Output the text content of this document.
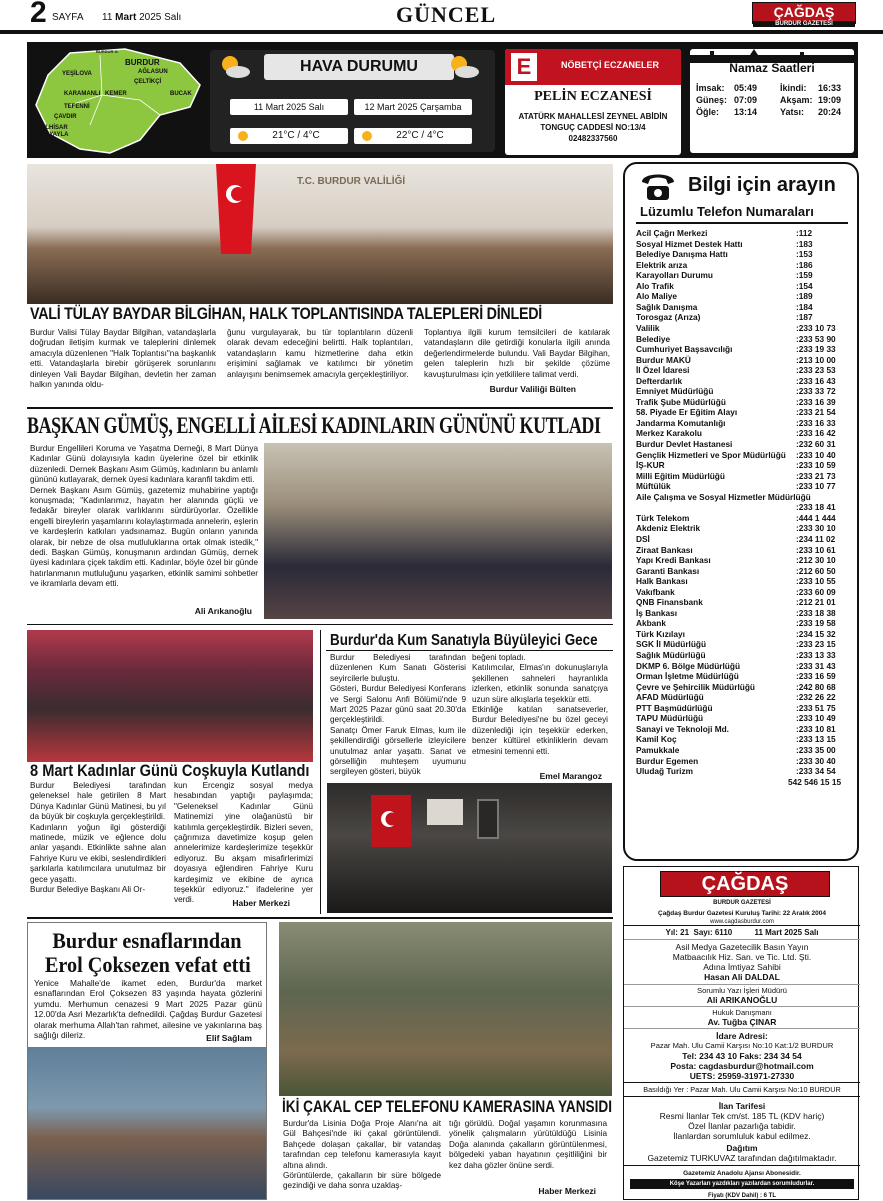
2 SAYFA 11 Mart 2025 Salı	GÜNCEL	ÇAĞDAŞ
BURDUR GAZETESİ
BURDUR
AĞLASUN
YEŞİLOVA
ÇELTİKÇİ
KARAMANLI KEMER	BUCAK
TEFENNİ
ÇAVDIR
GÖLHİSAR
ALTINYAYLA
BURDUR G.
HAVA DURUMU
11 Mart 2025 Salı	12 Mart 2025 Çarşamba
21°C / 4°C	22°C / 4°C
E	NÖBETÇİ ECZANELER
PELİN ECZANESİ
ATATÜRK MAHALLESİ ZEYNEL ABİDİN
TONGUÇ CADDESİ NO:13/4
02482337560
Namaz Saatleri
İmsak: 05:49	İkindi: 16:33
Güneş: 07:09	Akşam: 19:09
Öğle: 13:14	Yatsı: 20:24
T.C. BURDUR VALİLİĞİ
VALİ TÜLAY BAYDAR BİLGİHAN, HALK TOPLANTISINDA TALEPLERİ DİNLEDİ
Burdur Valisi Tülay Baydar Bilgihan, vatandaşlarla doğrudan iletişim kurmak ve taleplerini dinlemek amacıyla düzenlenen "Halk Toplantısı"na başkanlık etti. Vatandaşlarla birebir görüşerek sorunlarını dinleyen Vali Baydar Bilgihan, devletin her zaman halkın yanında oldu-
ğunu vurgulayarak, bu tür toplantıların düzenli olarak devam edeceğini belirtti. Halk toplantıları, vatandaşların kamu hizmetlerine daha etkin erişimini sağlamak ve katılımcı bir yönetim anlayışını benimsemek amacıyla gerçekleştiriliyor.
Toplantıya ilgili kurum temsilcileri de katılarak vatandaşların dile getirdiği konularla ilgili anında değerlendirmelerde bulundu. Vali Baydar Bilgihan, gelen taleplerin hızlı bir şekilde çözüme kavuşturulması için yetkililere talimat verdi.
Burdur Valiliği Bülten
BAŞKAN GÜMÜŞ, ENGELLİ AİLESİ KADINLARIN GÜNÜNÜ KUTLADI
Burdur Engellileri Koruma ve Yaşatma Derneği, 8 Mart Dünya Kadınlar Günü dolayısıyla kadın üyelerine özel bir etkinlik düzenledi. Dernek Başkanı Asım Gümüş, kadınların bu anlamlı gününü kutlayarak, dernek üyesi kadınlara karanfil takdim etti.
Dernek Başkanı Asım Gümüş, gazetemiz muhabirine yaptığı konuşmada; "Kadınlarımız, hayatın her alanında güçlü ve fedakâr bireyler olarak varlıklarını sürdürüyorlar. Özellikle engelli bireylerin yaşamlarını kolaylaştırmada annelerin, eşlerin ve kardeşlerin katkıları yadsınamaz. Bugün onların yanında olarak, bir nebze de olsa mutluluklarına ortak olmak istedik," dedi. Başkan Gümüş, konuşmanın ardından Gümüş, dernek üyesi kadınlara çiçek takdim etti. Kadınlar, böyle özel bir günde hatırlanmanın mutluluğunu yaşarken, etkinlik samimi sohbetler ve ikramlarla devam etti.
Ali Arıkanoğlu
8 Mart Kadınlar Günü Coşkuyla Kutlandı
Burdur Belediyesi tarafından geleneksel hale getirilen 8 Mart Dünya Kadınlar Günü Matinesi, bu yıl da büyük bir coşkuyla gerçekleştirildi.
Kadınların yoğun ilgi gösterdiği matinede, müzik ve eğlence dolu anlar yaşandı. Etkinlikte sahne alan Fahriye Kuru ve ekibi, seslendirdikleri şarkılarla katılımcılara unutulmaz bir gece yaşattı.
Burdur Belediye Başkanı Ali Or-
kun Ercengiz sosyal medya hesabından yaptığı paylaşımda; "Geleneksel Kadınlar Günü Matinemizi yine olağanüstü bir katılımla gerçekleştirdik. Bizleri seven, çağrımıza davetimize koşup gelen annelerimize kardeşlerimize teşekkür ediyoruz. Bu akşam misafirlerimizi doyasıya eğlendiren Fahriye Kuru kardeşimiz ve ekibine de ayrıca teşekkür ediyoruz." ifadelerine yer verdi.	Haber Merkezi
Burdur'da Kum Sanatıyla Büyüleyici Gece
Burdur Belediyesi tarafından düzenlenen Kum Sanatı Gösterisi seyircilerle buluştu.
Gösteri, Burdur Belediyesi Konferans ve Sergi Salonu Anfi Bölümü'nde 9 Mart 2025 Pazar günü saat 20.30'da gerçekleştirildi.
Sanatçı Ömer Faruk Elmas, kum ile şekillendirdiği görsellerle izleyicilere unutulmaz anlar yaşattı. Sanat ve görselliğin muhteşem uyumunu sergileyen gösteri, büyük
beğeni topladı.
Katılımcılar, Elmas'ın dokunuşlarıyla şekillenen sahneleri hayranlıkla izlerken, etkinlik sonunda sanatçıya uzun süre alkışlarla teşekkür etti.
Etkinliğe katılan sanatseverler, Burdur Belediyesi'ne bu özel geceyi düzenlediği için teşekkür ederken, benzer kültürel etkinliklerin devam etmesini temenni etti.
Emel Marangoz
Burdur esnaflarından
Erol Çoksezen vefat etti
Yenice Mahalle'de ikamet eden, Burdur'da market esnaflarından Erol Çoksezen 83 yaşında hayata gözlerini yumdu. Merhumun cenazesi 9 Mart 2025 Pazar günü 12.00'da Asri Mezarlık'ta defnedildi. Çağdaş Burdur Gazetesi olarak merhuma Allah'tan rahmet, ailesine ve yakınlarına baş sağlığı dileriz.	Elif Sağlam
İKİ ÇAKAL CEP TELEFONU KAMERASINA YANSIDI
Burdur'da Lisinia Doğa Proje Alanı'na ait Gül Bahçesi'nde iki çakal görüntülendi. Bahçede dolaşan çakallar, bir vatandaş tarafından cep telefonu kamerasıyla kayıt altına alındı.
Görüntülerde, çakalların bir süre bölgede gezindiği ve daha sonra uzaklaş-
tığı görüldü. Doğal yaşamın korunmasına yönelik çalışmaların yürütüldüğü Lisinia Doğa alanında çakalların görüntülenmesi, bölgedeki yaban hayatının çeşitliliğini bir kez daha gözler önüne serdi.
Haber Merkezi
Bilgi için arayın
Lüzumlu Telefon Numaraları
Acil Çağrı Merkezi	:112
Sosyal Hizmet Destek Hattı	:183
Belediye Danışma Hattı	:153
Elektrik arıza	:186
Karayolları Durumu	:159
Alo Trafik	:154
Alo Maliye	:189
Sağlık Danışma	:184
Torosgaz (Arıza)	:187
Valilik	:233 10 73
Belediye	:233 53 90
Cumhuriyet Başsavcılığı	:233 19 33
Burdur MAKÜ	:213 10 00
İl Özel İdaresi	:233 23 53
Defterdarlık	:233 16 43
Emniyet Müdürlüğü	:233 33 72
Trafik Şube Müdürlüğü	:233 16 39
58. Piyade Er Eğitim Alayı	:233 21 54
Jandarma Komutanlığı	:233 16 33
Merkez Karakolu	:233 16 42
Burdur Devlet Hastanesi	:232 60 31
Gençlik Hizmetleri ve Spor Müdürlüğü :233 10 40
İŞ-KUR	:233 10 59
Milli Eğitim Müdürlüğü	:233 21 73
Müftülük	:233 10 77
Aile Çalışma ve Sosyal Hizmetler Müdürlüğü
:233 18 41
Türk Telekom	:444 1 444
Akdeniz Elektrik	:233 30 10
DSİ	:234 11 02
Ziraat Bankası	:233 10 61
Yapı Kredi Bankası	:212 30 10
Garanti Bankası	:212 60 50
Halk Bankası	:233 10 55
Vakıfbank	:233 60 09
QNB Finansbank	:212 21 01
İş Bankası	:233 18 38
Akbank	:233 19 58
Türk Kızılayı	:234 15 32
SGK İl Müdürlüğü	:233 23 15
Sağlık Müdürlüğü	:233 13 33
DKMP 6. Bölge Müdürlüğü	:233 31 43
Orman İşletme Müdürlüğü	:233 16 59
Çevre ve Şehircilik Müdürlüğü	:242 80 68
AFAD Müdürlüğü	:232 26 22
PTT Başmüdürlüğü	:233 51 75
TAPU Müdürlüğü	:233 10 49
Sanayi ve Teknoloji Md.	:233 10 81
Kamil Koç	:233 13 15
Pamukkale	:233 35 00
Burdur Egemen	:233 30 40
Uludağ Turizm	:233 34 54
542 546 15 15
ÇAĞDAŞ
BURDUR GAZETESİ
Çağdaş Burdur Gazetesi Kuruluş Tarihi: 22 Aralık 2004
www.cagdasburdur.com
Yıl: 21  Sayı: 6110          11 Mart 2025 Salı
Asil Medya Gazetecilik Basın Yayın
Matbaacılık Hiz. San. ve Tic. Ltd. Şti.
Adına İmtiyaz Sahibi
Hasan Ali DALDAL
Sorumlu Yazı İşleri Müdürü
Ali ARIKANOĞLU
Hukuk Danışmanı
Av. Tuğba ÇINAR
İdare Adresi:
Pazar Mah. Ulu Camii Karşısı No:10 Kat:1/2 BURDUR
Tel: 234 43 10 Faks: 234 34 54
Posta: cagdasburdur@hotmail.com
UETS: 25959-31971-27330
Basıldığı Yer : Pazar Mah. Ulu Camii Karşısı No:10 BURDUR
İlan Tarifesi
Resmi İlanlar Tek cm/st. 185 TL (KDV hariç)
Özel İlanlar pazarlığa tabidir.
İlanlardan sorumluluk kabul edilmez.
Dağıtım
Gazetemiz TURKUVAZ tarafından dağıtılmaktadır.
Gazetemiz Anadolu Ajansı Abonesidir.
Köşe Yazarları yazdıkları yazılardan sorumludurlar.
Fiyatı (KDV Dahil) : 6 TL
